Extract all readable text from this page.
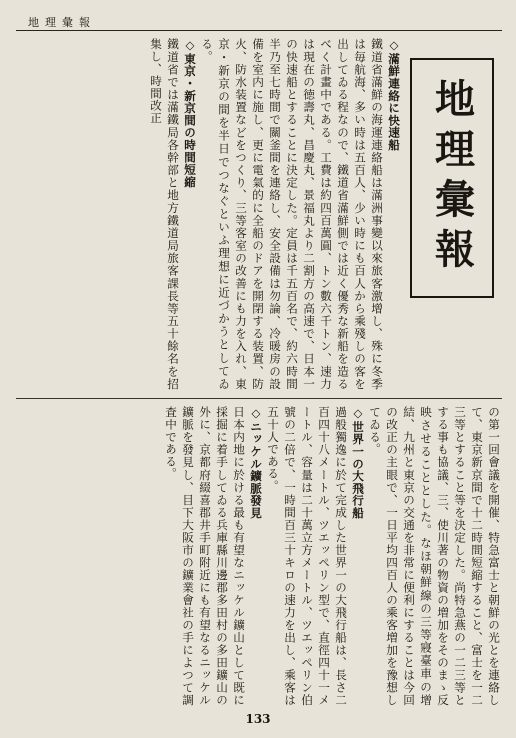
地理彙報

◇滿鮮連絡に快速船

鐵道省滿鮮の海運連絡船は滿洲事變以來旅客激增し、殊に冬季は毎航海、多い時は五百人、少い時にも百人から乘殘しの客を出してゐる程なので、鐵道省滿鮮側では近く優秀な新船を造るべく計畫中である。工費は約四百萬圓、トン數六千トン、速力は現在の徳壽丸、昌慶丸、景福丸より二割方の高速で、日本一の快速船とすることに決定した。定員は千五百名で、約六時間半乃至七時間で關釜間を連絡し、安全設備は勿論、冷暖房の設備を室内に施し、更に電氣的に全船のドアを開閉する装置、防火、防水装置などをつくり、三等客室の改善にも力を入れ、東京・新京の間を半日でつなぐといふ理想に近づかうとしてゐる。

◇東京・新京間の時間短縮

鐵道省では滿鐵局各幹部と地方鐵道局旅客課長等五十餘名を招集し、時間改正	地理彙報

の第一回會議を開催、特急富士と朝鮮の光とを連絡して、東京新京間で十二時間短縮すること、富士を一二三等とすること等を決定した。尚特急燕の一二三等とする事も協議、三、使川著の物資の増加をそのまゝ反映させることとした。なほ朝鮮線の三等寢臺車の增結、九州と東京の交通を非常に便利にすることは今回の改正の主眼で、一日平均四百人の乘客増加を豫想してゐる。

◇世界一の大飛行船

過般獨逸に於て完成した世界一の大飛行船は、長さ二百四十八メートル、ツエッペリン型で、直徑四十一メートル、容量は二十萬立方メートル、ツエッペリン伯號の二倍で、一時間百三十キロの速力を出し、乘客は五十人である。

◇ニッケル鑛脈發見

日本内地に於ける最も有望なニッケル鑛山として既に採掘に着手してゐる兵庫縣川邊郡多田村の多田鑛山の外に、京都府綴喜郡井手町附近にも有望なるニッケル鑛脈を發見し、目下大阪市の鑛業會社の手によつて調査中である。

133
